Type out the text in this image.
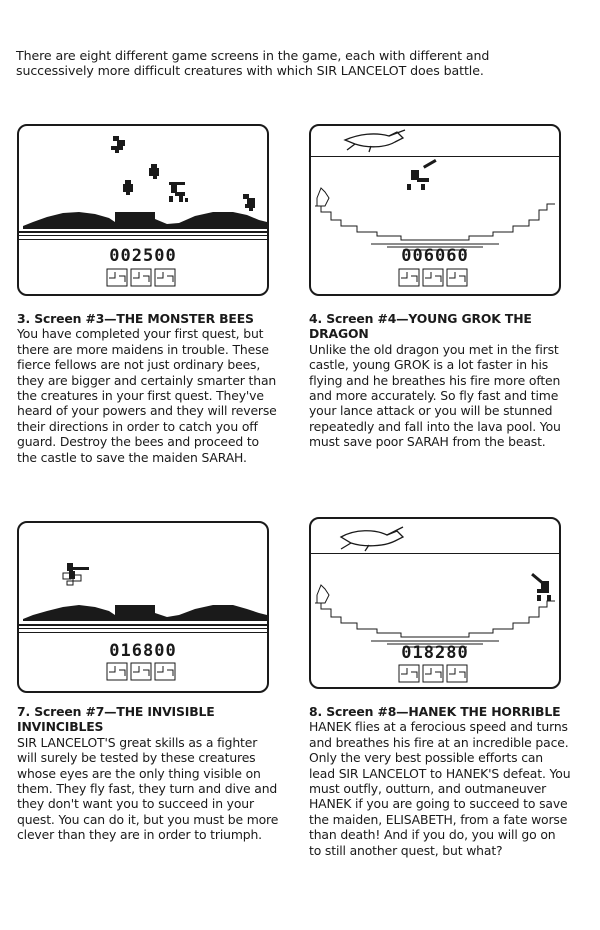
There are eight different game screens in the game, each with different and successively more difficult creatures with which SIR LANCELOT does battle.
002500	006060
3. Screen #3—THE MONSTER BEES
You have completed your first quest, but there are more maidens in trouble. These fierce fellows are not just ordinary bees, they are bigger and certainly smarter than the creatures in your first quest. They've heard of your powers and they will reverse their directions in order to catch you off guard. Destroy the bees and proceed to the castle to save the maiden SARAH.
4. Screen #4—YOUNG GROK THE DRAGON
Unlike the old dragon you met in the first castle, young GROK is a lot faster in his flying and he breathes his fire more often and more accurately. So fly fast and time your lance attack or you will be stunned repeatedly and fall into the lava pool. You must save poor SARAH from the beast.
016800	018280
7. Screen #7—THE INVISIBLE INVINCIBLES
SIR LANCELOT'S great skills as a fighter will surely be tested by these creatures whose eyes are the only thing visible on them. They fly fast, they turn and dive and they don't want you to succeed in your quest. You can do it, but you must be more clever than they are in order to triumph.
8. Screen #8—HANEK THE HORRIBLE
HANEK flies at a ferocious speed and turns and breathes his fire at an incredible pace. Only the very best possible efforts can lead SIR LANCELOT to HANEK'S defeat. You must outfly, outturn, and outmaneuver HANEK if you are going to succeed to save the maiden, ELISABETH, from a fate worse than death! And if you do, you will go on to still another quest, but what?
